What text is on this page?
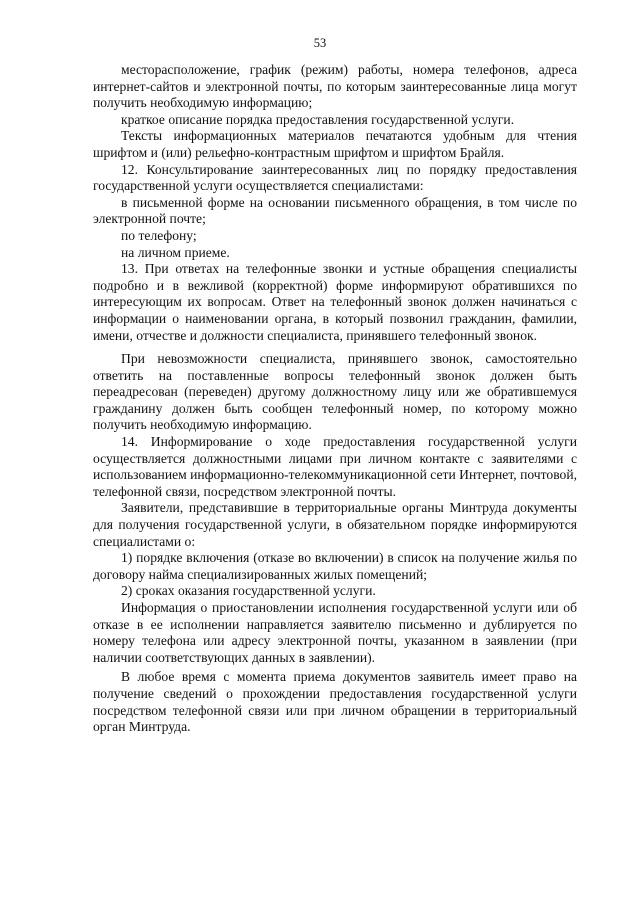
53

месторасположение, график (режим) работы, номера телефонов, адреса интернет-сайтов и электронной почты, по которым заинтересованные лица могут получить необходимую информацию;

краткое описание порядка предоставления государственной услуги.

Тексты информационных материалов печатаются удобным для чтения шрифтом и (или) рельефно-контрастным шрифтом и шрифтом Брайля.

12. Консультирование заинтересованных лиц по порядку предоставления государственной услуги осуществляется специалистами:

в письменной форме на основании письменного обращения, в том числе по электронной почте;

по телефону;

на личном приеме.

13. При ответах на телефонные звонки и устные обращения специалисты подробно и в вежливой (корректной) форме информируют обратившихся по интересующим их вопросам. Ответ на телефонный звонок должен начинаться с информации о наименовании органа, в который позвонил гражданин, фамилии, имени, отчестве и должности специалиста, принявшего телефонный звонок.

При невозможности специалиста, принявшего звонок, самостоятельно ответить на поставленные вопросы телефонный звонок должен быть переадресован (переведен) другому должностному лицу или же обратившемуся гражданину должен быть сообщен телефонный номер, по которому можно получить необходимую информацию.

14. Информирование о ходе предоставления государственной услуги осуществляется должностными лицами при личном контакте с заявителями с использованием информационно-телекоммуникационной сети Интернет, почтовой, телефонной связи, посредством электронной почты.

Заявители, представившие в территориальные органы Минтруда документы для получения государственной услуги, в обязательном порядке информируются специалистами о:

1) порядке включения (отказе во включении) в список на получение жилья по договору найма специализированных жилых помещений;

2) сроках оказания государственной услуги.

Информация о приостановлении исполнения государственной услуги или об отказе в ее исполнении направляется заявителю письменно и дублируется по номеру телефона или адресу электронной почты, указанном в заявлении (при наличии соответствующих данных в заявлении).

В любое время с момента приема документов заявитель имеет право на получение сведений о прохождении предоставления государственной услуги посредством телефонной связи или при личном обращении в территориальный орган Минтруда.
